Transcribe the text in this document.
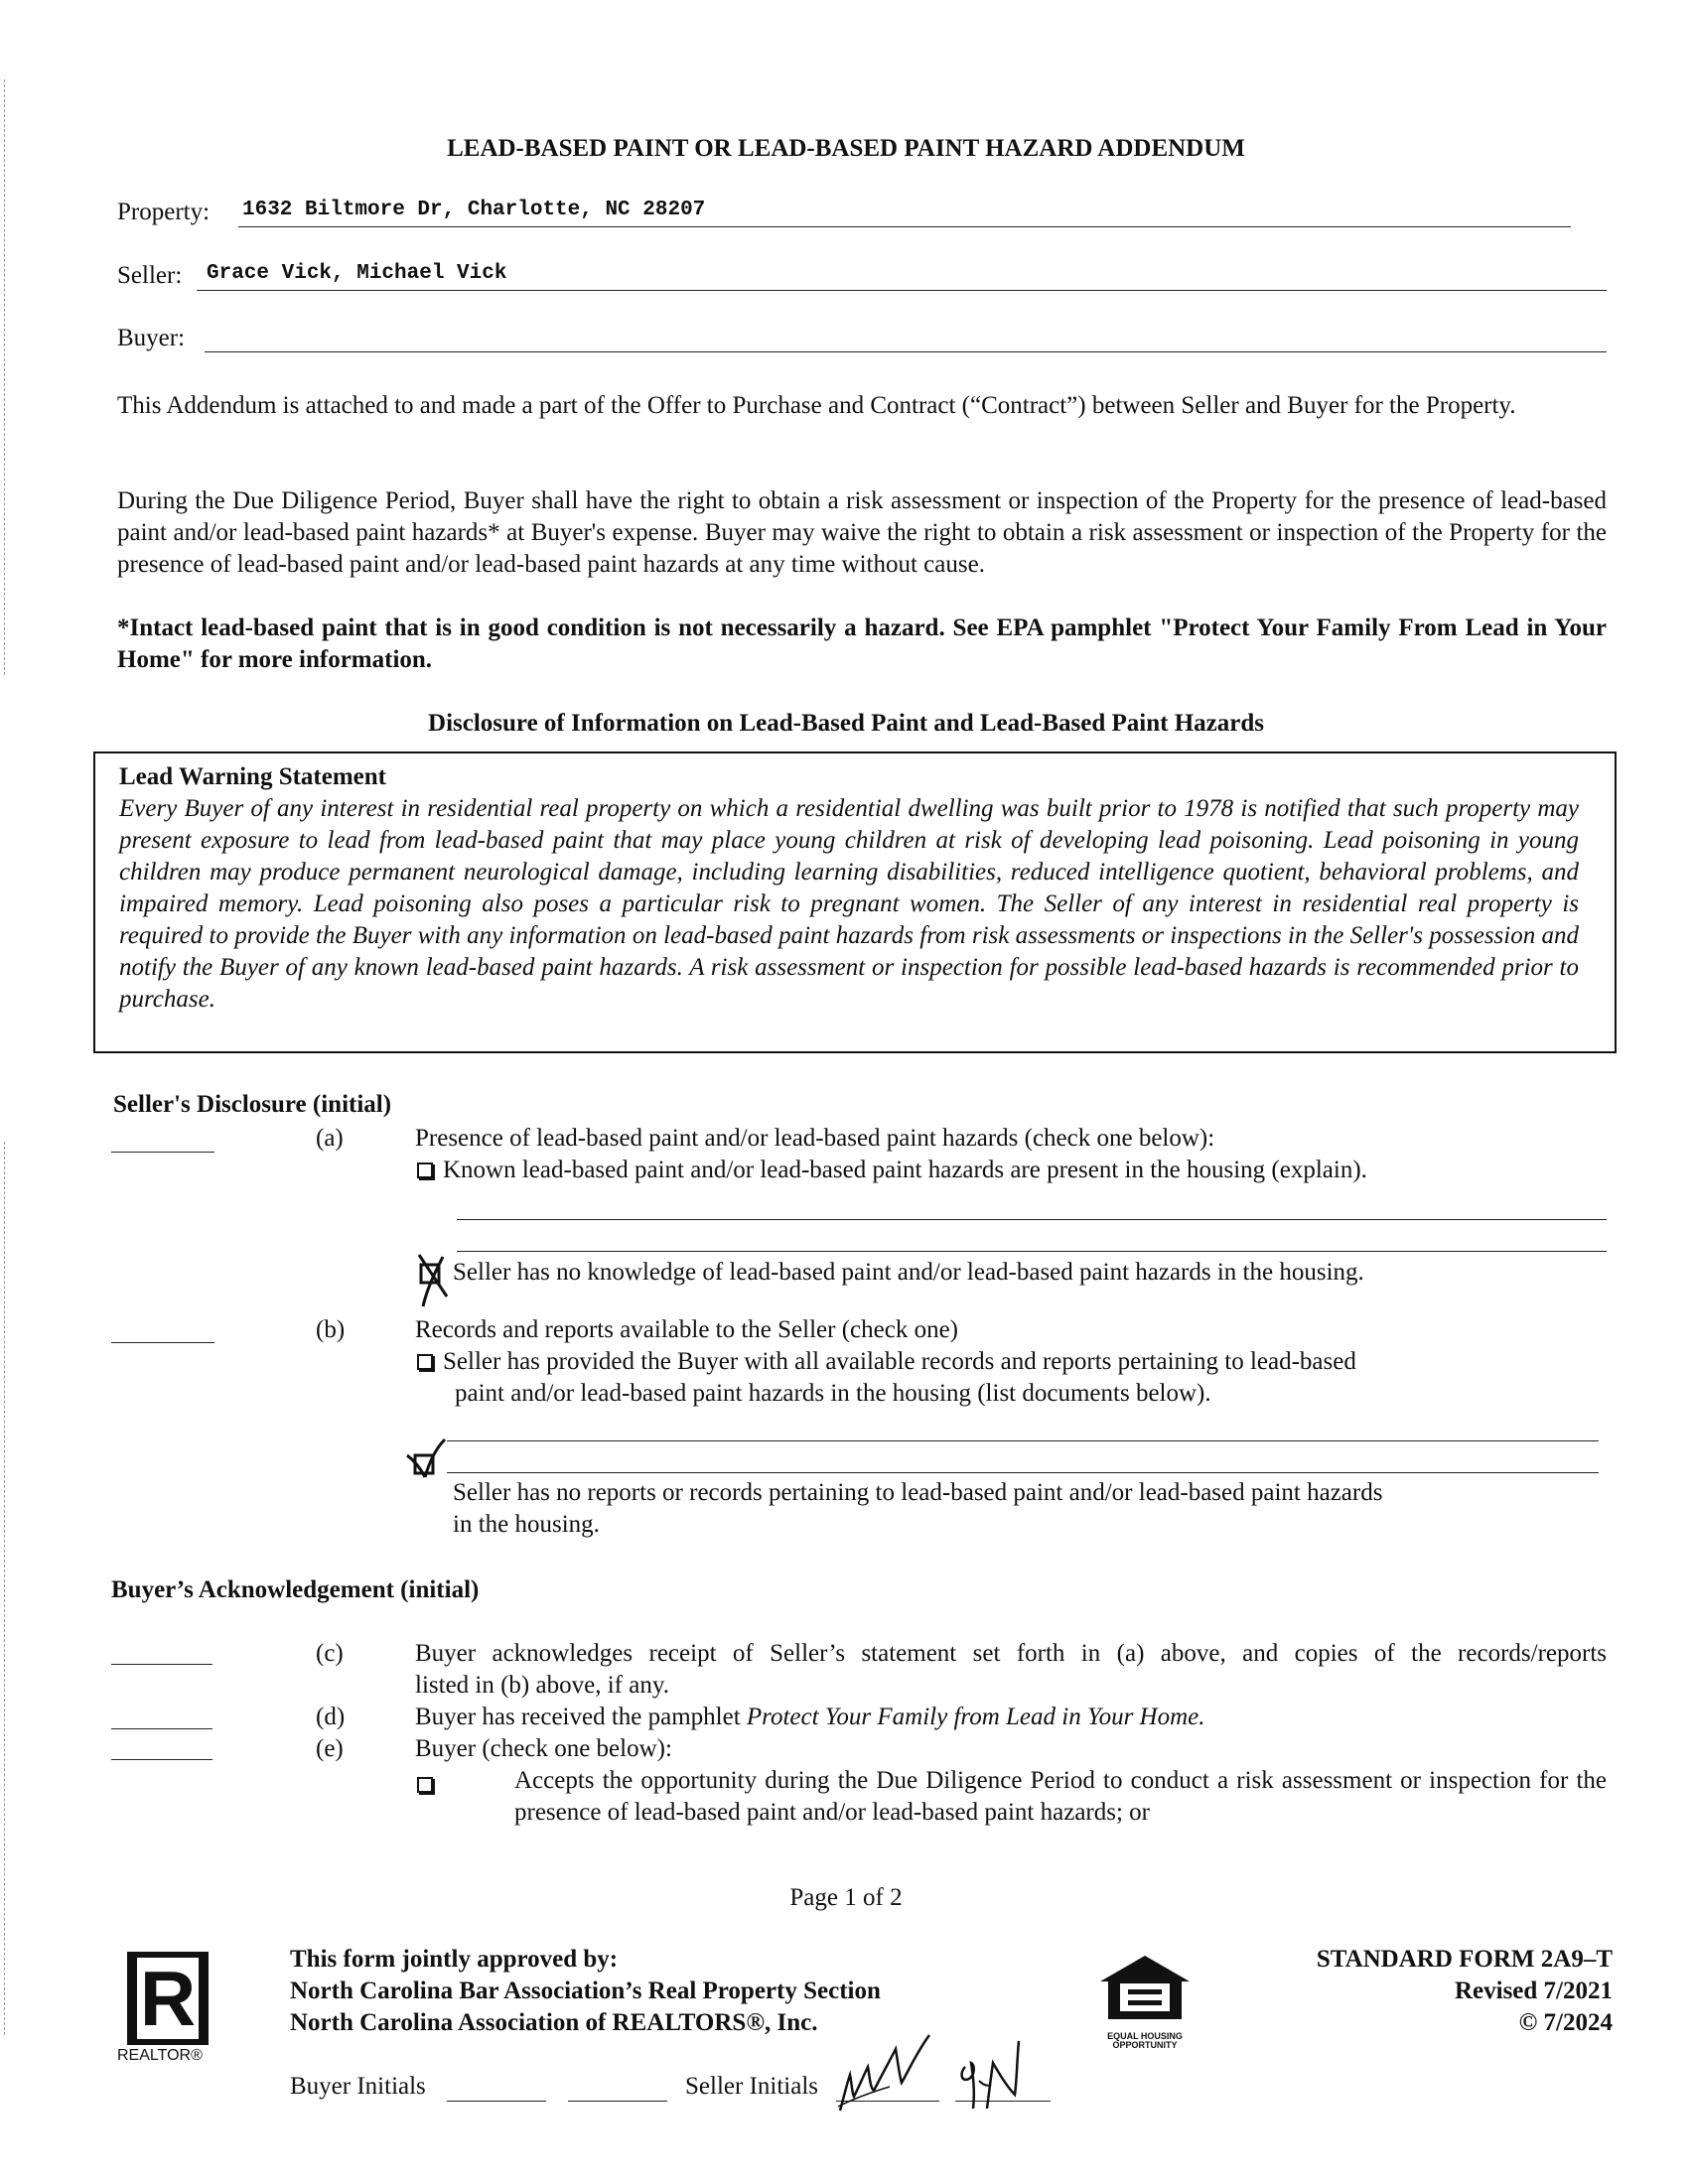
LEAD-BASED PAINT OR LEAD-BASED PAINT HAZARD ADDENDUM
Property: 1632 Biltmore Dr, Charlotte, NC 28207
Seller: Grace Vick, Michael Vick
Buyer:
This Addendum is attached to and made a part of the Offer to Purchase and Contract (“Contract”) between Seller and Buyer for the Property.
During the Due Diligence Period, Buyer shall have the right to obtain a risk assessment or inspection of the Property for the presence of lead-based paint and/or lead-based paint hazards* at Buyer's expense. Buyer may waive the right to obtain a risk assessment or inspection of the Property for the presence of lead-based paint and/or lead-based paint hazards at any time without cause.
*Intact lead-based paint that is in good condition is not necessarily a hazard. See EPA pamphlet "Protect Your Family From Lead in Your Home" for more information.
Disclosure of Information on Lead-Based Paint and Lead-Based Paint Hazards
Lead Warning Statement
Every Buyer of any interest in residential real property on which a residential dwelling was built prior to 1978 is notified that such property may present exposure to lead from lead-based paint that may place young children at risk of developing lead poisoning. Lead poisoning in young children may produce permanent neurological damage, including learning disabilities, reduced intelligence quotient, behavioral problems, and impaired memory. Lead poisoning also poses a particular risk to pregnant women. The Seller of any interest in residential real property is required to provide the Buyer with any information on lead-based paint hazards from risk assessments or inspections in the Seller's possession and notify the Buyer of any known lead-based paint hazards. A risk assessment or inspection for possible lead-based hazards is recommended prior to purchase.
Seller's Disclosure (initial)
(a)	Presence of lead-based paint and/or lead-based paint hazards (check one below):
Known lead-based paint and/or lead-based paint hazards are present in the housing (explain).
Seller has no knowledge of lead-based paint and/or lead-based paint hazards in the housing.
(b)	Records and reports available to the Seller (check one)
Seller has provided the Buyer with all available records and reports pertaining to lead-based
paint and/or lead-based paint hazards in the housing (list documents below).
Seller has no reports or records pertaining to lead-based paint and/or lead-based paint hazards
in the housing.
Buyer’s Acknowledgement (initial)
(c)	Buyer acknowledges receipt of Seller’s statement set forth in (a) above, and copies of the records/reports
listed in (b) above, if any.
(d)	Buyer has received the pamphlet Protect Your Family from Lead in Your Home.
(e)	Buyer (check one below):
Accepts the opportunity during the Due Diligence Period to conduct a risk assessment or inspection for the presence of lead-based paint and/or lead-based paint hazards; or
Page 1 of 2
R
REALTOR®
This form jointly approved by:
North Carolina Bar Association’s Real Property Section
North Carolina Association of REALTORS®, Inc.	EQUAL HOUSING
OPPORTUNITY
STANDARD FORM 2A9–T
Revised 7/2021
© 7/2024
Buyer Initials	Seller Initials
